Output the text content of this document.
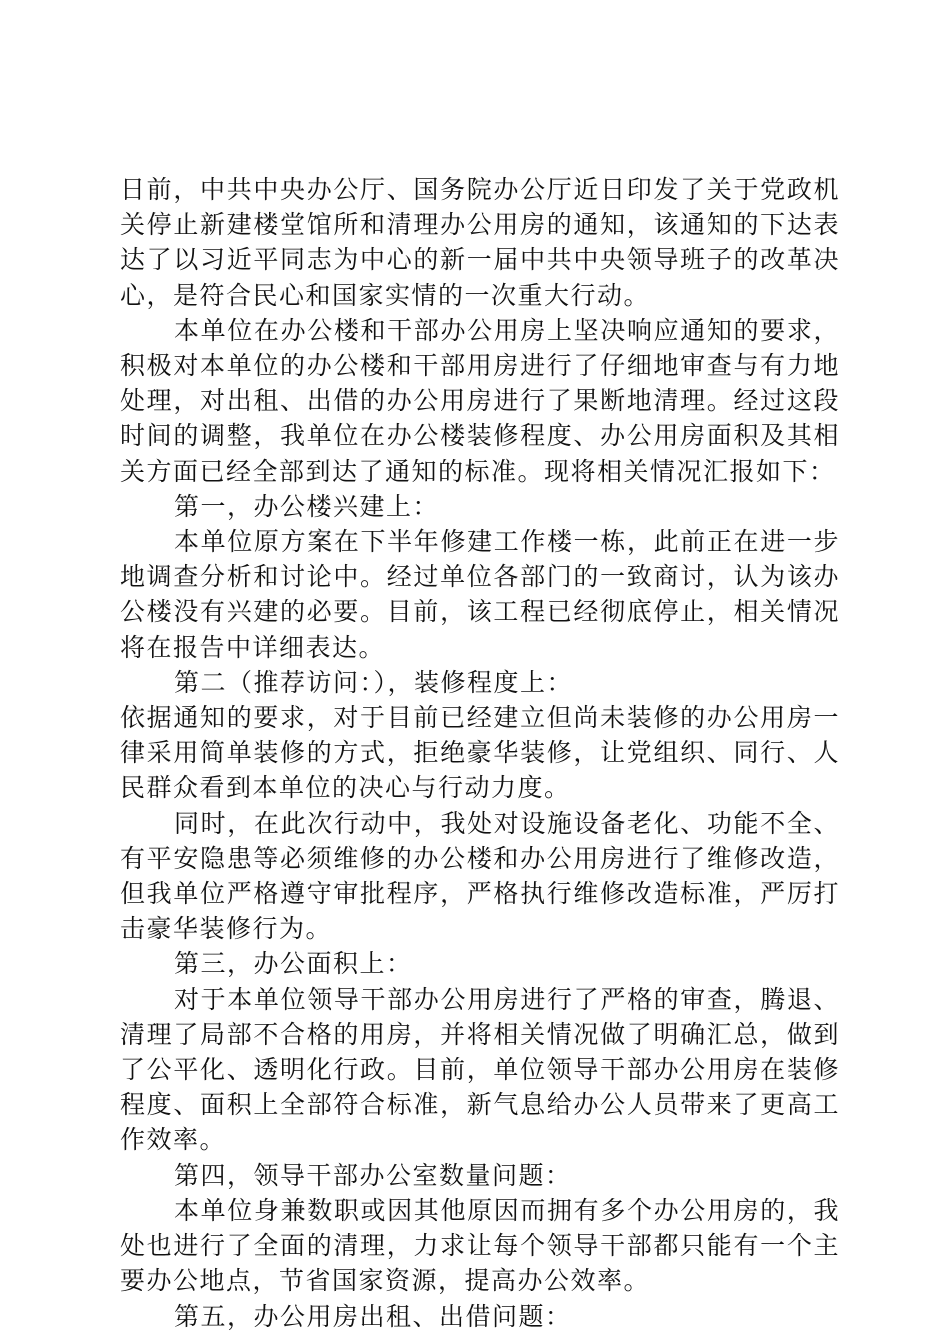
日前，中共中央办公厅、国务院办公厅近日印发了关于党政机关停止新建楼堂馆所和清理办公用房的通知，该通知的下达表达了以习近平同志为中心的新一届中共中央领导班子的改革决心，是符合民心和国家实情的一次重大行动。

本单位在办公楼和干部办公用房上坚决响应通知的要求，积极对本单位的办公楼和干部用房进行了仔细地审查与有力地处理，对出租、出借的办公用房进行了果断地清理。经过这段时间的调整，我单位在办公楼装修程度、办公用房面积及其相关方面已经全部到达了通知的标准。现将相关情况汇报如下：

第一，办公楼兴建上：

本单位原方案在下半年修建工作楼一栋，此前正在进一步地调查分析和讨论中。经过单位各部门的一致商讨，认为该办公楼没有兴建的必要。目前，该工程已经彻底停止，相关情况将在报告中详细表达。

第二（推荐访问：），装修程度上：

依据通知的要求，对于目前已经建立但尚未装修的办公用房一律采用简单装修的方式，拒绝豪华装修，让党组织、同行、人民群众看到本单位的决心与行动力度。

同时，在此次行动中，我处对设施设备老化、功能不全、有平安隐患等必须维修的办公楼和办公用房进行了维修改造，但我单位严格遵守审批程序，严格执行维修改造标准，严厉打击豪华装修行为。

第三，办公面积上：

对于本单位领导干部办公用房进行了严格的审查，腾退、清理了局部不合格的用房，并将相关情况做了明确汇总，做到了公平化、透明化行政。目前，单位领导干部办公用房在装修程度、面积上全部符合标准，新气息给办公人员带来了更高工作效率。

第四，领导干部办公室数量问题：

本单位身兼数职或因其他原因而拥有多个办公用房的，我处也进行了全面的清理，力求让每个领导干部都只能有一个主要办公地点，节省国家资源，提高办公效率。

第五，办公用房出租、出借问题：
